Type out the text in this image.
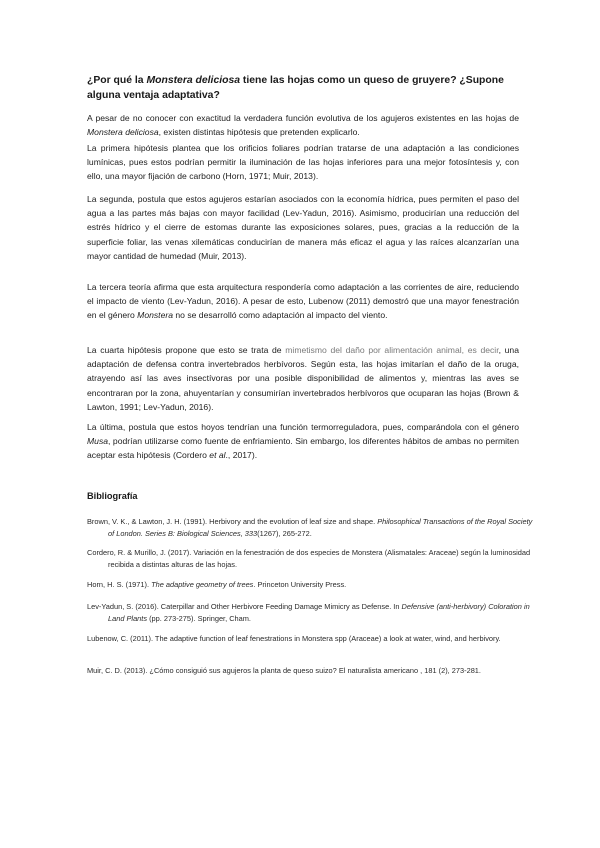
¿Por qué la Monstera deliciosa tiene las hojas como un queso de gruyere? ¿Supone alguna ventaja adaptativa?

A pesar de no conocer con exactitud la verdadera función evolutiva de los agujeros existentes en las hojas de Monstera deliciosa, existen distintas hipótesis que pretenden explicarlo.

La primera hipótesis plantea que los orificios foliares podrían tratarse de una adaptación a las condiciones lumínicas, pues estos podrían permitir la iluminación de las hojas inferiores para una mejor fotosíntesis y, con ello, una mayor fijación de carbono (Horn, 1971; Muir, 2013).

La segunda, postula que estos agujeros estarían asociados con la economía hídrica, pues permiten el paso del agua a las partes más bajas con mayor facilidad (Lev-Yadun, 2016). Asimismo, producirían una reducción del estrés hídrico y el cierre de estomas durante las exposiciones solares, pues, gracias a la reducción de la superficie foliar, las venas xilemáticas conducirían de manera más eficaz el agua y las raíces alcanzarían una mayor cantidad de humedad (Muir, 2013).

La tercera teoría afirma que esta arquitectura respondería como adaptación a las corrientes de aire, reduciendo el impacto de viento (Lev-Yadun, 2016). A pesar de esto, Lubenow (2011) demostró que una mayor fenestración en el género Monstera no se desarrolló como adaptación al impacto del viento.

La cuarta hipótesis propone que esto se trata de mimetismo del daño por alimentación animal, es decir, una adaptación de defensa contra invertebrados herbívoros. Según esta, las hojas imitarían el daño de la oruga, atrayendo así las aves insectívoras por una posible disponibilidad de alimentos y, mientras las aves se encontraran por la zona, ahuyentarían y consumirían invertebrados herbívoros que ocuparan las hojas (Brown & Lawton, 1991; Lev-Yadun, 2016).

La última, postula que estos hoyos tendrían una función termorreguladora, pues, comparándola con el género Musa, podrían utilizarse como fuente de enfriamiento. Sin embargo, los diferentes hábitos de ambas no permiten aceptar esta hipótesis (Cordero et al., 2017).

Bibliografía
Brown, V. K., & Lawton, J. H. (1991). Herbivory and the evolution of leaf size and shape. Philosophical Transactions of the Royal Society of London. Series B: Biological Sciences, 333(1267), 265-272.
Cordero, R. & Murillo, J. (2017). Variación en la fenestración de dos especies de Monstera (Alismatales: Araceae) según la luminosidad recibida a distintas alturas de las hojas.
Horn, H. S. (1971). The adaptive geometry of trees. Princeton University Press.
Lev-Yadun, S. (2016). Caterpillar and Other Herbivore Feeding Damage Mimicry as Defense. In Defensive (anti-herbivory) Coloration in Land Plants (pp. 273-275). Springer, Cham.
Lubenow, C. (2011). The adaptive function of leaf fenestrations in Monstera spp (Araceae) a look at water, wind, and herbivory.
Muir, C. D. (2013). ¿Cómo consiguió sus agujeros la planta de queso suizo? El naturalista americano , 181 (2), 273-281.
